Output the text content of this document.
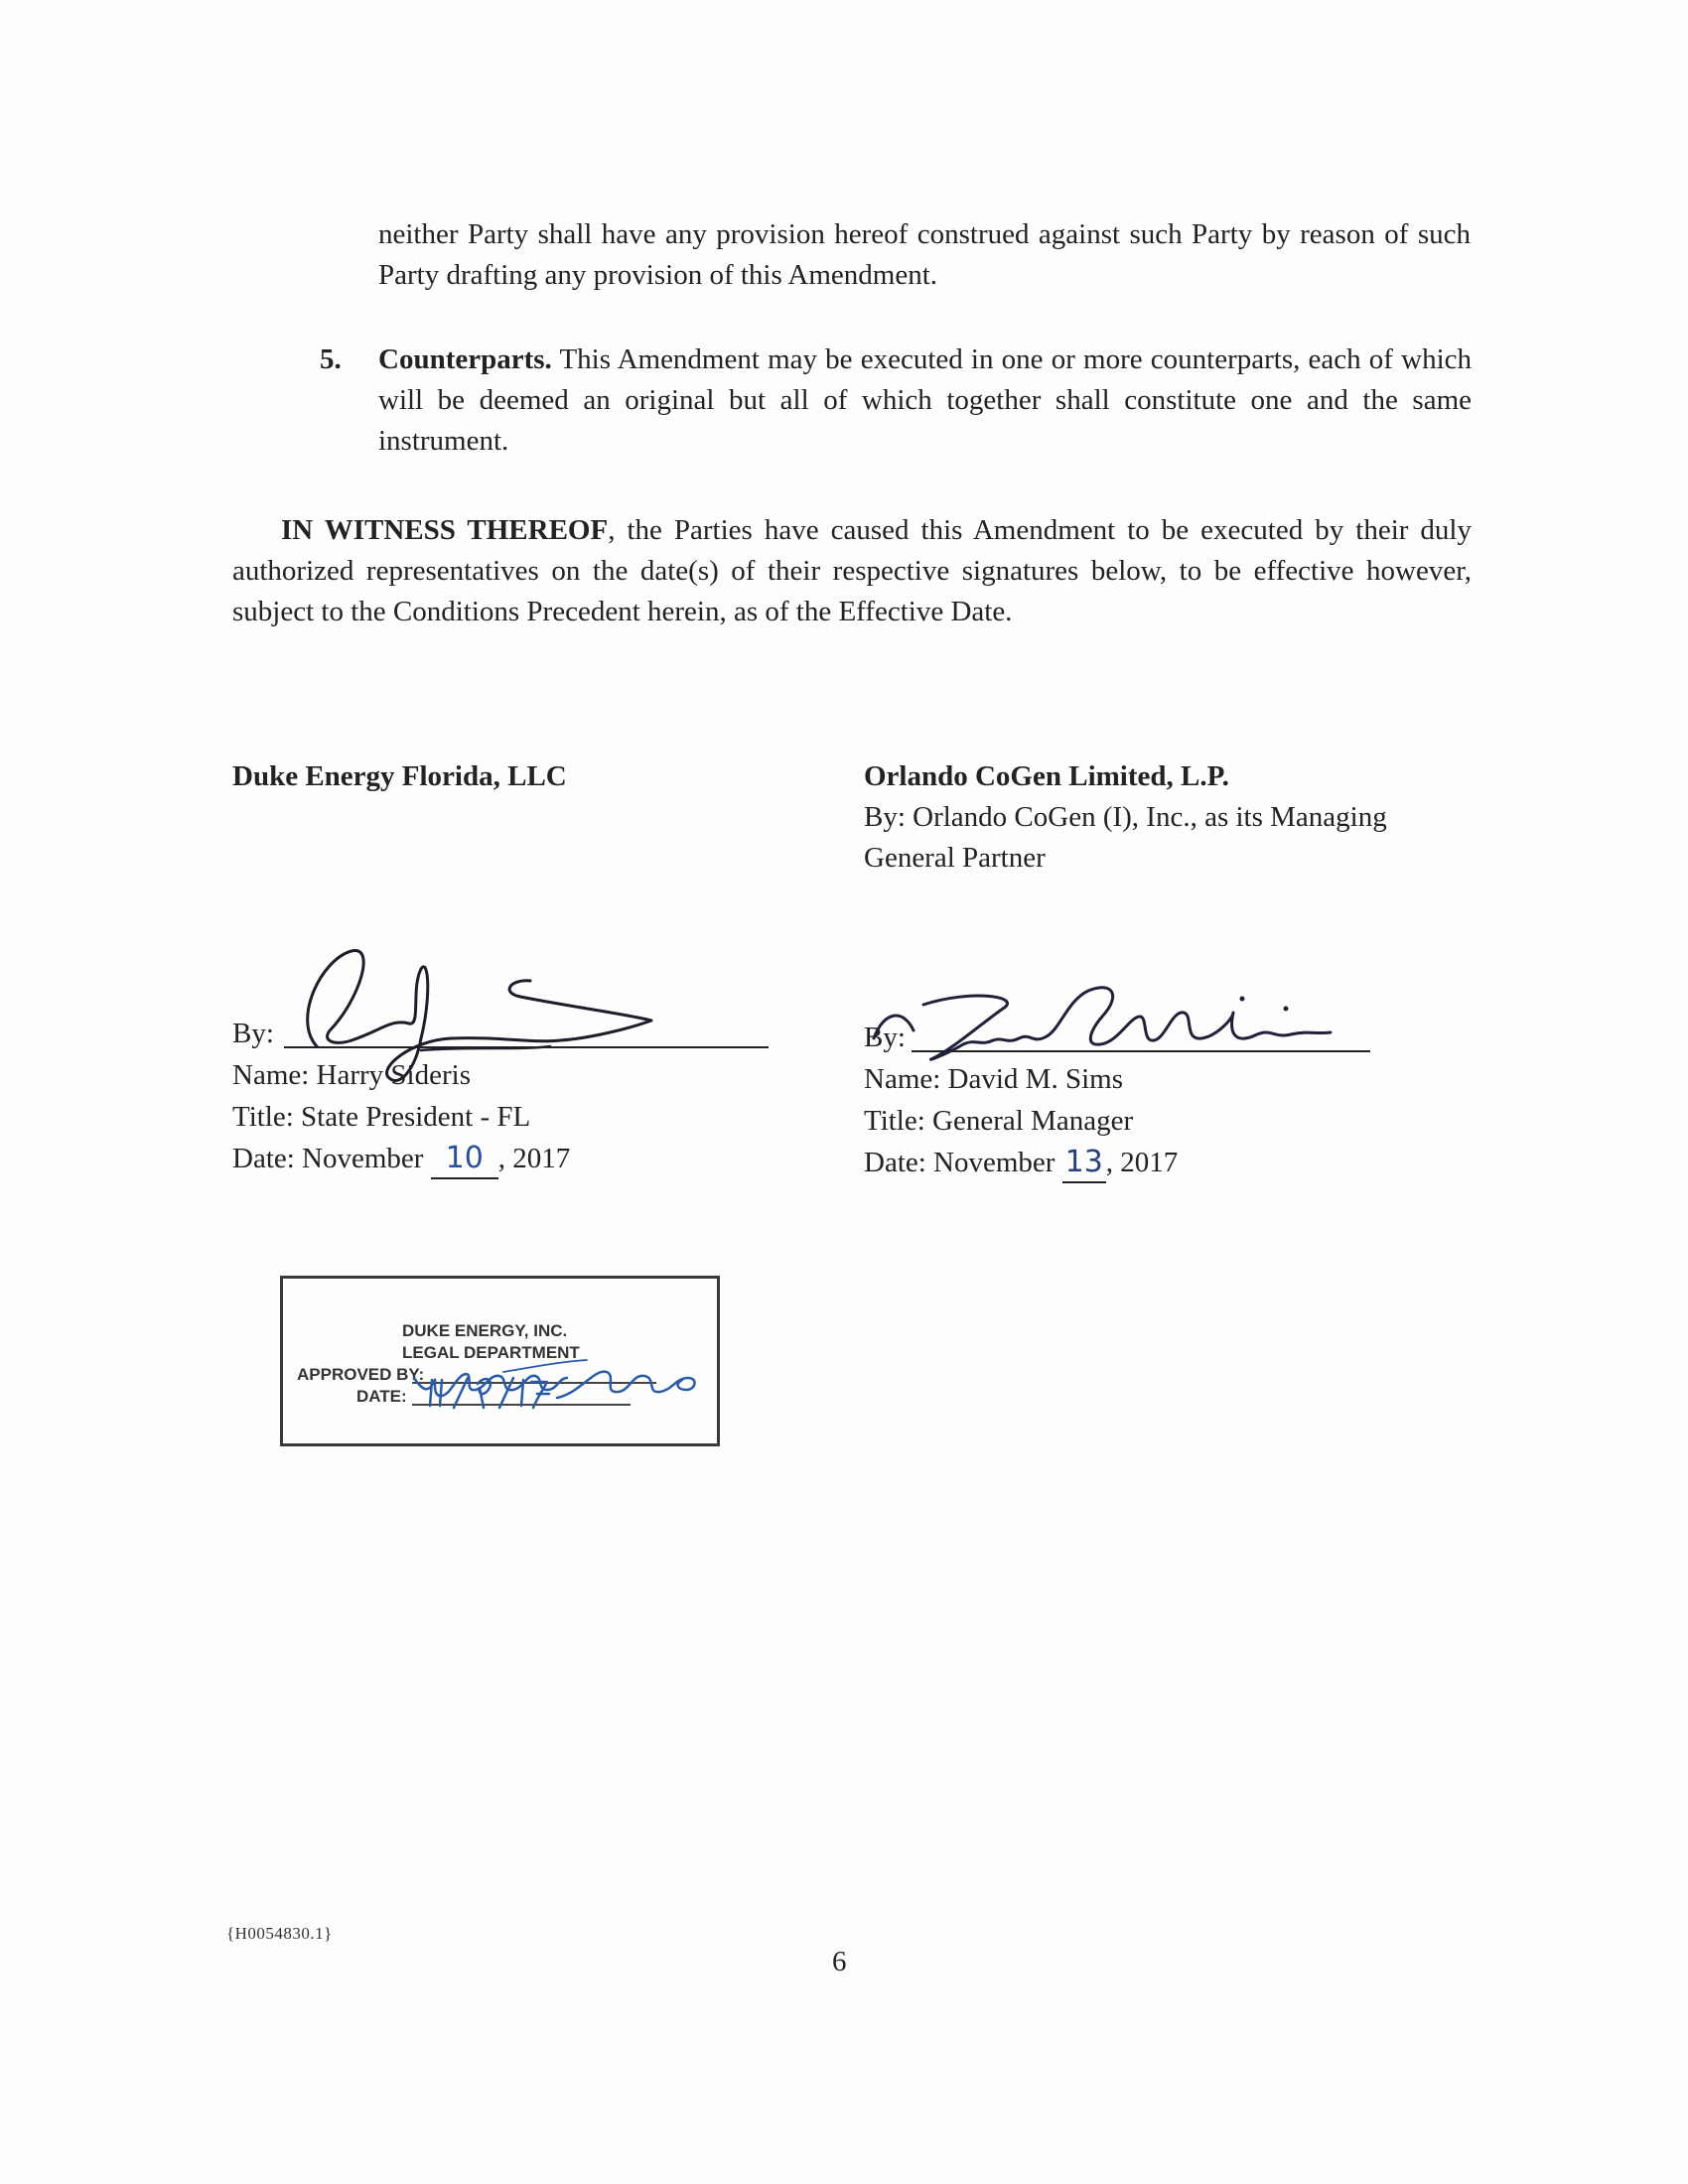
neither Party shall have any provision hereof construed against such Party by reason of such Party drafting any provision of this Amendment.
5. Counterparts. This Amendment may be executed in one or more counterparts, each of which will be deemed an original but all of which together shall constitute one and the same instrument.
IN WITNESS THEREOF, the Parties have caused this Amendment to be executed by their duly authorized representatives on the date(s) of their respective signatures below, to be effective however, subject to the Conditions Precedent herein, as of the Effective Date.
Duke Energy Florida, LLC	Orlando CoGen Limited, L.P.
By: Orlando CoGen (I), Inc., as its Managing
General Partner
By:
Name: Harry Sideris
Title: State President - FL
Date: November 10 , 2017
By:
Name: David M. Sims
Title: General Manager
Date: November 13 , 2017
DUKE ENERGY, INC.
LEGAL DEPARTMENT
APPROVED BY:
DATE:
{H0054830.1}
6
